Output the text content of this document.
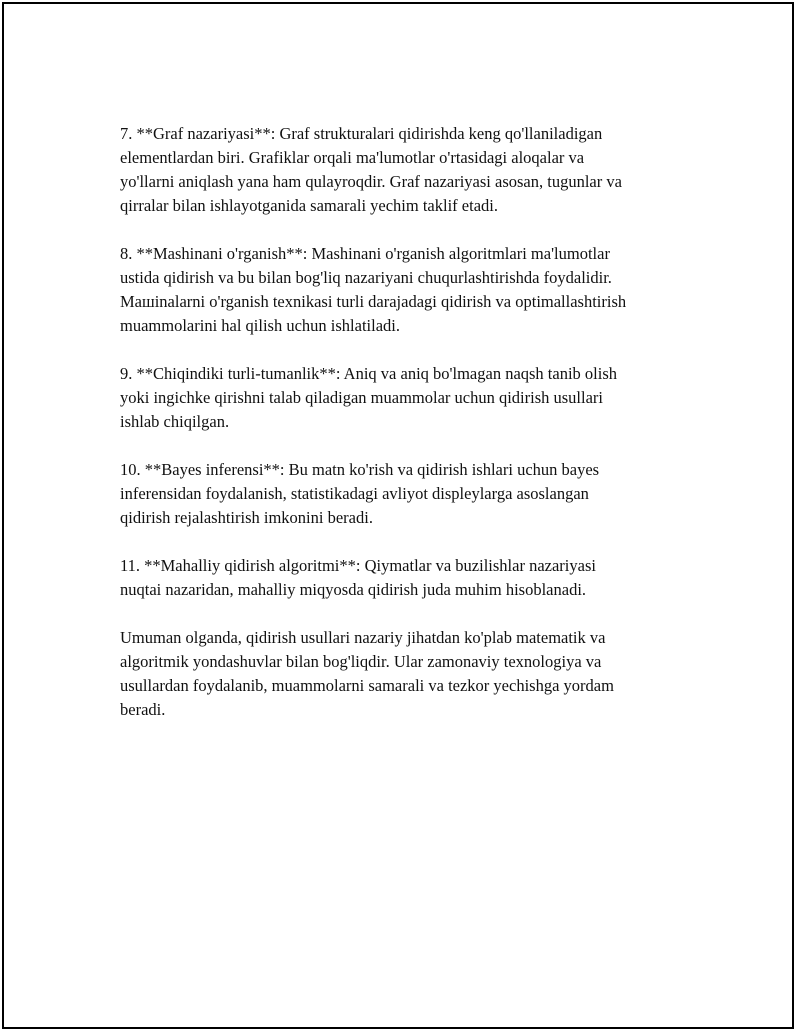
7. **Graf nazariyasi**: Graf strukturalari qidirishda keng qo'llaniladigan
elementlardan biri. Grafiklar orqali ma'lumotlar o'rtasidagi aloqalar va
yo'llarni aniqlash yana ham qulayroqdir. Graf nazariyasi asosan, tugunlar va
qirralar bilan ishlayotganida samarali yechim taklif etadi.

8. **Mashinani o'rganish**: Mashinani o'rganish algoritmlari ma'lumotlar
ustida qidirish va bu bilan bog'liq nazariyani chuqurlashtirishda foydalidir.
Mашinalarni o'rganish texnikasi turli darajadagi qidirish va optimallashtirish
muammolarini hal qilish uchun ishlatiladi.

9. **Chiqindiki turli-tumanlik**: Aniq va aniq bo'lmagan naqsh tanib olish
yoki ingichke qirishni talab qiladigan muammolar uchun qidirish usullari
ishlab chiqilgan.

10. **Bayes inferensi**: Bu matn ko'rish va qidirish ishlari uchun bayes
inferensidan foydalanish, statistikadagi avliyot displeylarga asoslangan
qidirish rejalashtirish imkonini beradi.

11. **Mahalliy qidirish algoritmi**: Qiymatlar va buzilishlar nazariyasi
nuqtai nazaridan, mahalliy miqyosda qidirish juda muhim hisoblanadi.

Umuman olganda, qidirish usullari nazariy jihatdan ko'plab matematik va
algoritmik yondashuvlar bilan bog'liqdir. Ular zamonaviy texnologiya va
usullardan foydalanib, muammolarni samarali va tezkor yechishga yordam
beradi.
